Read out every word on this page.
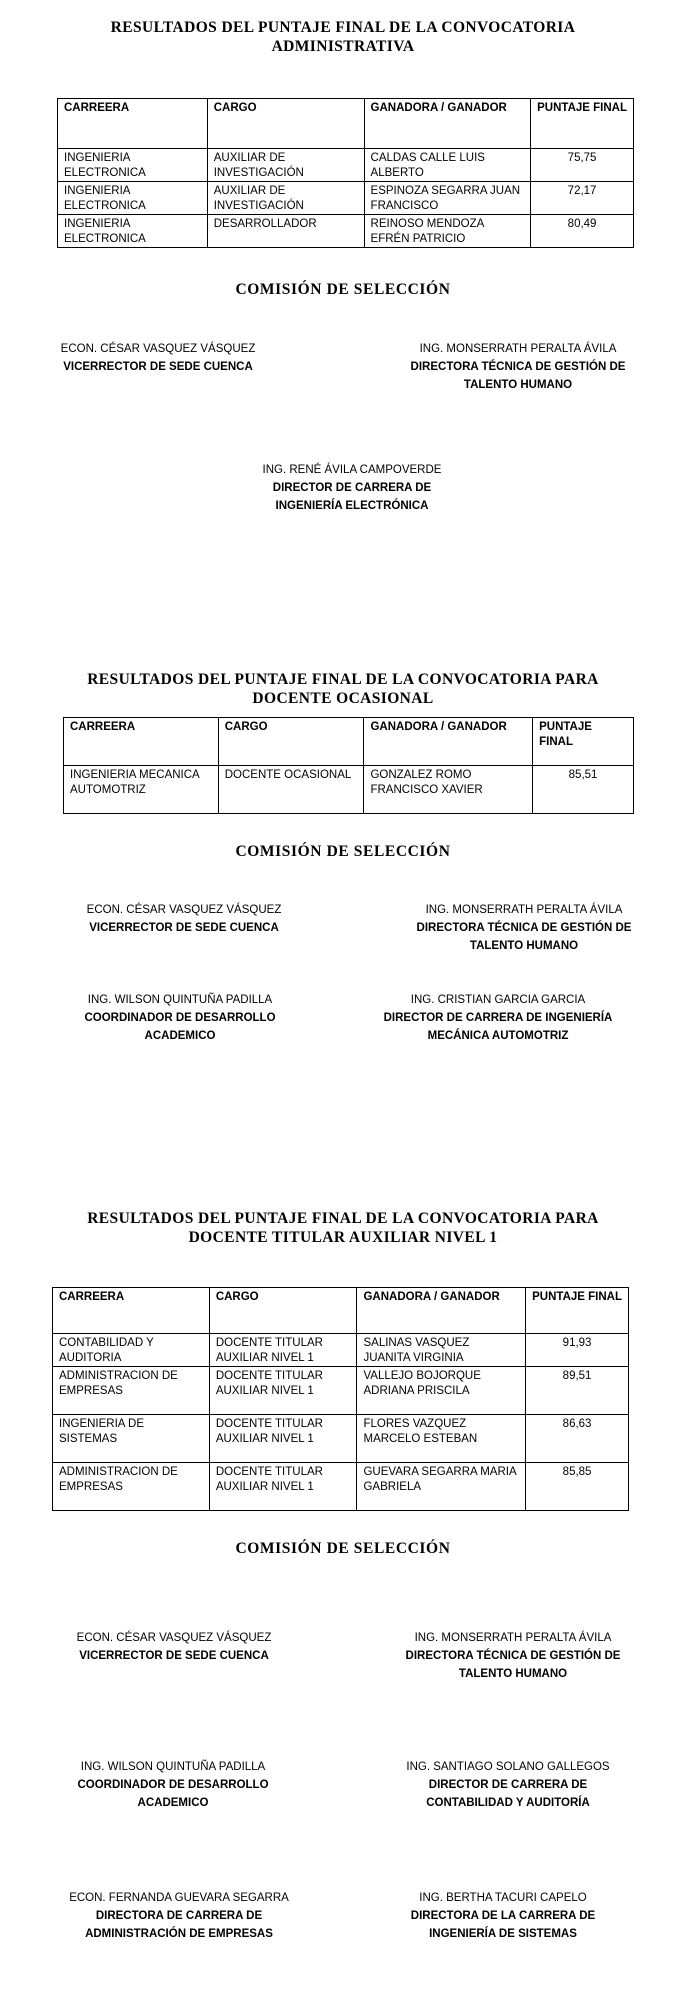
RESULTADOS DEL PUNTAJE FINAL DE LA CONVOCATORIA
ADMINISTRATIVA
CARREERA	CARGO	GANADORA / GANADOR	PUNTAJE FINAL
INGENIERIA ELECTRONICA	AUXILIAR DE INVESTIGACIÓN	CALDAS CALLE LUIS ALBERTO	75,75
INGENIERIA ELECTRONICA	AUXILIAR DE INVESTIGACIÓN	ESPINOZA SEGARRA JUAN FRANCISCO	72,17
INGENIERIA ELECTRONICA	DESARROLLADOR	REINOSO MENDOZA EFRÉN PATRICIO	80,49
COMISIÓN DE SELECCIÓN
ECON. CÉSAR VASQUEZ VÁSQUEZ
VICERRECTOR DE SEDE CUENCA
ING. MONSERRATH PERALTA ÁVILA
DIRECTORA TÉCNICA DE GESTIÓN DE TALENTO HUMANO
ING. RENÉ ÁVILA CAMPOVERDE
DIRECTOR DE CARRERA DE INGENIERÍA ELECTRÓNICA
RESULTADOS DEL PUNTAJE FINAL DE LA CONVOCATORIA PARA
DOCENTE OCASIONAL
CARREERA	CARGO	GANADORA / GANADOR	PUNTAJE FINAL
INGENIERIA MECANICA AUTOMOTRIZ	DOCENTE OCASIONAL	GONZALEZ ROMO FRANCISCO XAVIER	85,51
COMISIÓN DE SELECCIÓN
ECON. CÉSAR VASQUEZ VÁSQUEZ
VICERRECTOR DE SEDE CUENCA
ING. MONSERRATH PERALTA ÁVILA
DIRECTORA TÉCNICA DE GESTIÓN DE TALENTO HUMANO
ING. WILSON QUINTUÑA PADILLA
COORDINADOR DE DESARROLLO ACADEMICO
ING. CRISTIAN GARCIA GARCIA
DIRECTOR DE CARRERA DE INGENIERÍA MECÁNICA AUTOMOTRIZ
RESULTADOS DEL PUNTAJE FINAL DE LA CONVOCATORIA PARA
DOCENTE TITULAR AUXILIAR NIVEL 1
CARREERA	CARGO	GANADORA / GANADOR	PUNTAJE FINAL
CONTABILIDAD Y AUDITORIA	DOCENTE TITULAR AUXILIAR NIVEL 1	SALINAS VASQUEZ JUANITA VIRGINIA	91,93
ADMINISTRACION DE EMPRESAS	DOCENTE TITULAR AUXILIAR NIVEL 1	VALLEJO BOJORQUE ADRIANA PRISCILA	89,51
INGENIERIA DE SISTEMAS	DOCENTE TITULAR AUXILIAR NIVEL 1	FLORES VAZQUEZ MARCELO ESTEBAN	86,63
ADMINISTRACION DE EMPRESAS	DOCENTE TITULAR AUXILIAR NIVEL 1	GUEVARA SEGARRA MARIA GABRIELA	85,85
COMISIÓN DE SELECCIÓN
ECON. CÉSAR VASQUEZ VÁSQUEZ
VICERRECTOR DE SEDE CUENCA
ING. MONSERRATH PERALTA ÁVILA
DIRECTORA TÉCNICA DE GESTIÓN DE TALENTO HUMANO
ING. WILSON QUINTUÑA PADILLA
COORDINADOR DE DESARROLLO ACADEMICO
ING. SANTIAGO SOLANO GALLEGOS
DIRECTOR DE CARRERA DE CONTABILIDAD Y AUDITORÍA
ECON. FERNANDA GUEVARA SEGARRA
DIRECTORA DE CARRERA DE ADMINISTRACIÓN DE EMPRESAS
ING. BERTHA TACURI CAPELO
DIRECTORA DE LA CARRERA DE INGENIERÍA DE SISTEMAS
